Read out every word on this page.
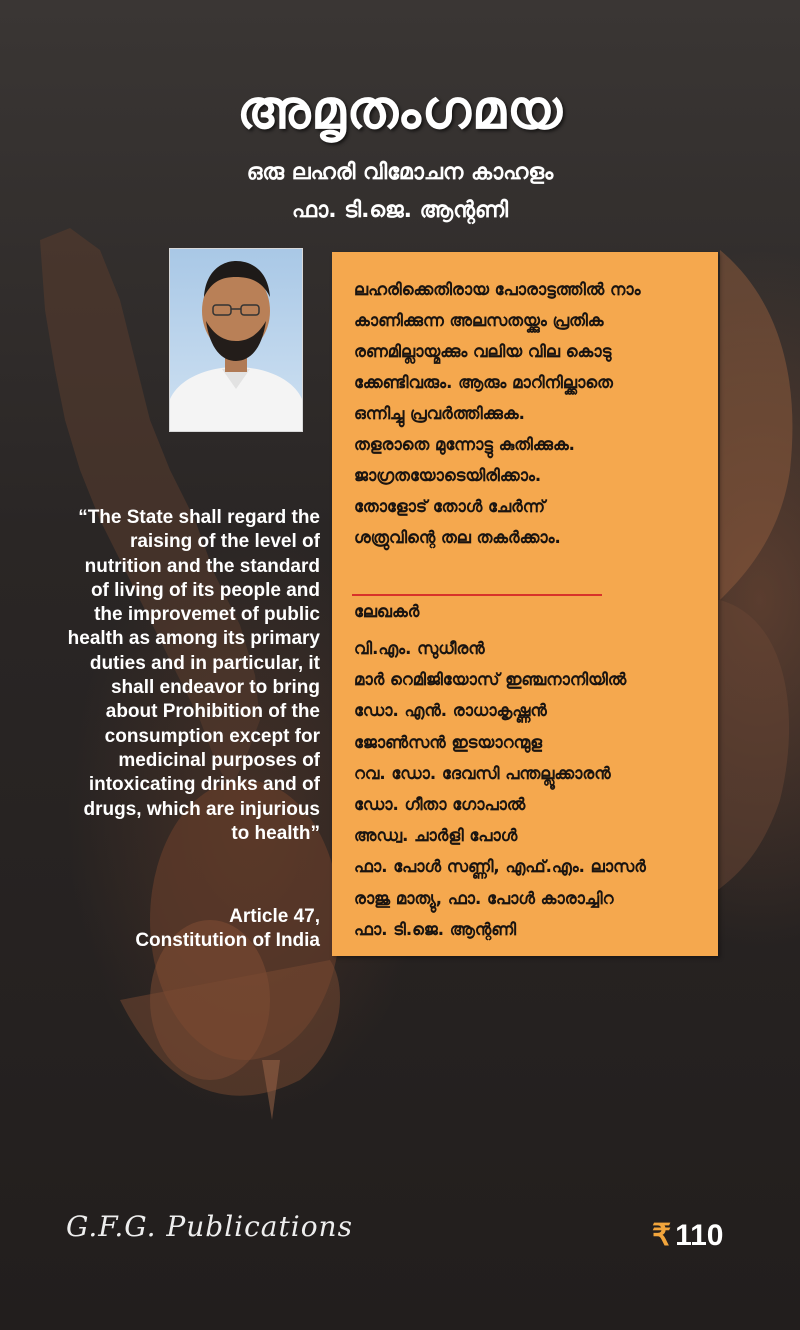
അമൃതംഗമയ
ഒരു ലഹരി വിമോചന കാഹളം
ഫാ. ടി.ജെ. ആന്റണി
“The State shall regard the
raising of the level of
nutrition and the standard
of living of its people and
the improvemet of public
health as among its primary
duties and in particular, it
shall endeavor to bring
about Prohibition of the
consumption except for
medicinal purposes of
intoxicating drinks and of
drugs, which are injurious
to health”
Article 47,
Constitution of India
ലഹരിക്കെതിരായ പോരാട്ടത്തിൽ നാം
കാണിക്കുന്ന അലസതയ്ക്കും പ്രതിക
രണമില്ലായ്മക്കും വലിയ വില കൊടു
ക്കേണ്ടിവരും. ആരും മാറിനില്ക്കാതെ
ഒന്നിച്ചു പ്രവർത്തിക്കുക.
തളരാതെ മുന്നോട്ടു കുതിക്കുക.
ജാഗ്രതയോടെയിരിക്കാം.
തോളോട് തോൾ ചേർന്ന്
ശത്രുവിന്റെ തല തകർക്കാം.
ലേഖകർ
വി.എം. സുധീരൻ
മാർ റെമിജിയോസ് ഇഞ്ചനാനിയിൽ
ഡോ. എൻ. രാധാകൃഷ്ണൻ
ജോൺസൻ ഇടയാറന്മുള
റവ. ഡോ. ദേവസി പന്തല്ലൂക്കാരൻ
ഡോ. ഗീതാ ഗോപാൽ
അഡ്വ. ചാർളി പോൾ
ഫാ. പോൾ സണ്ണി, എഫ്.എം. ലാസർ
രാജു മാത്യു, ഫാ. പോൾ കാരാച്ചിറ
ഫാ. ടി.ജെ. ആന്റണി
G.F.G. Publications	₹ 110
